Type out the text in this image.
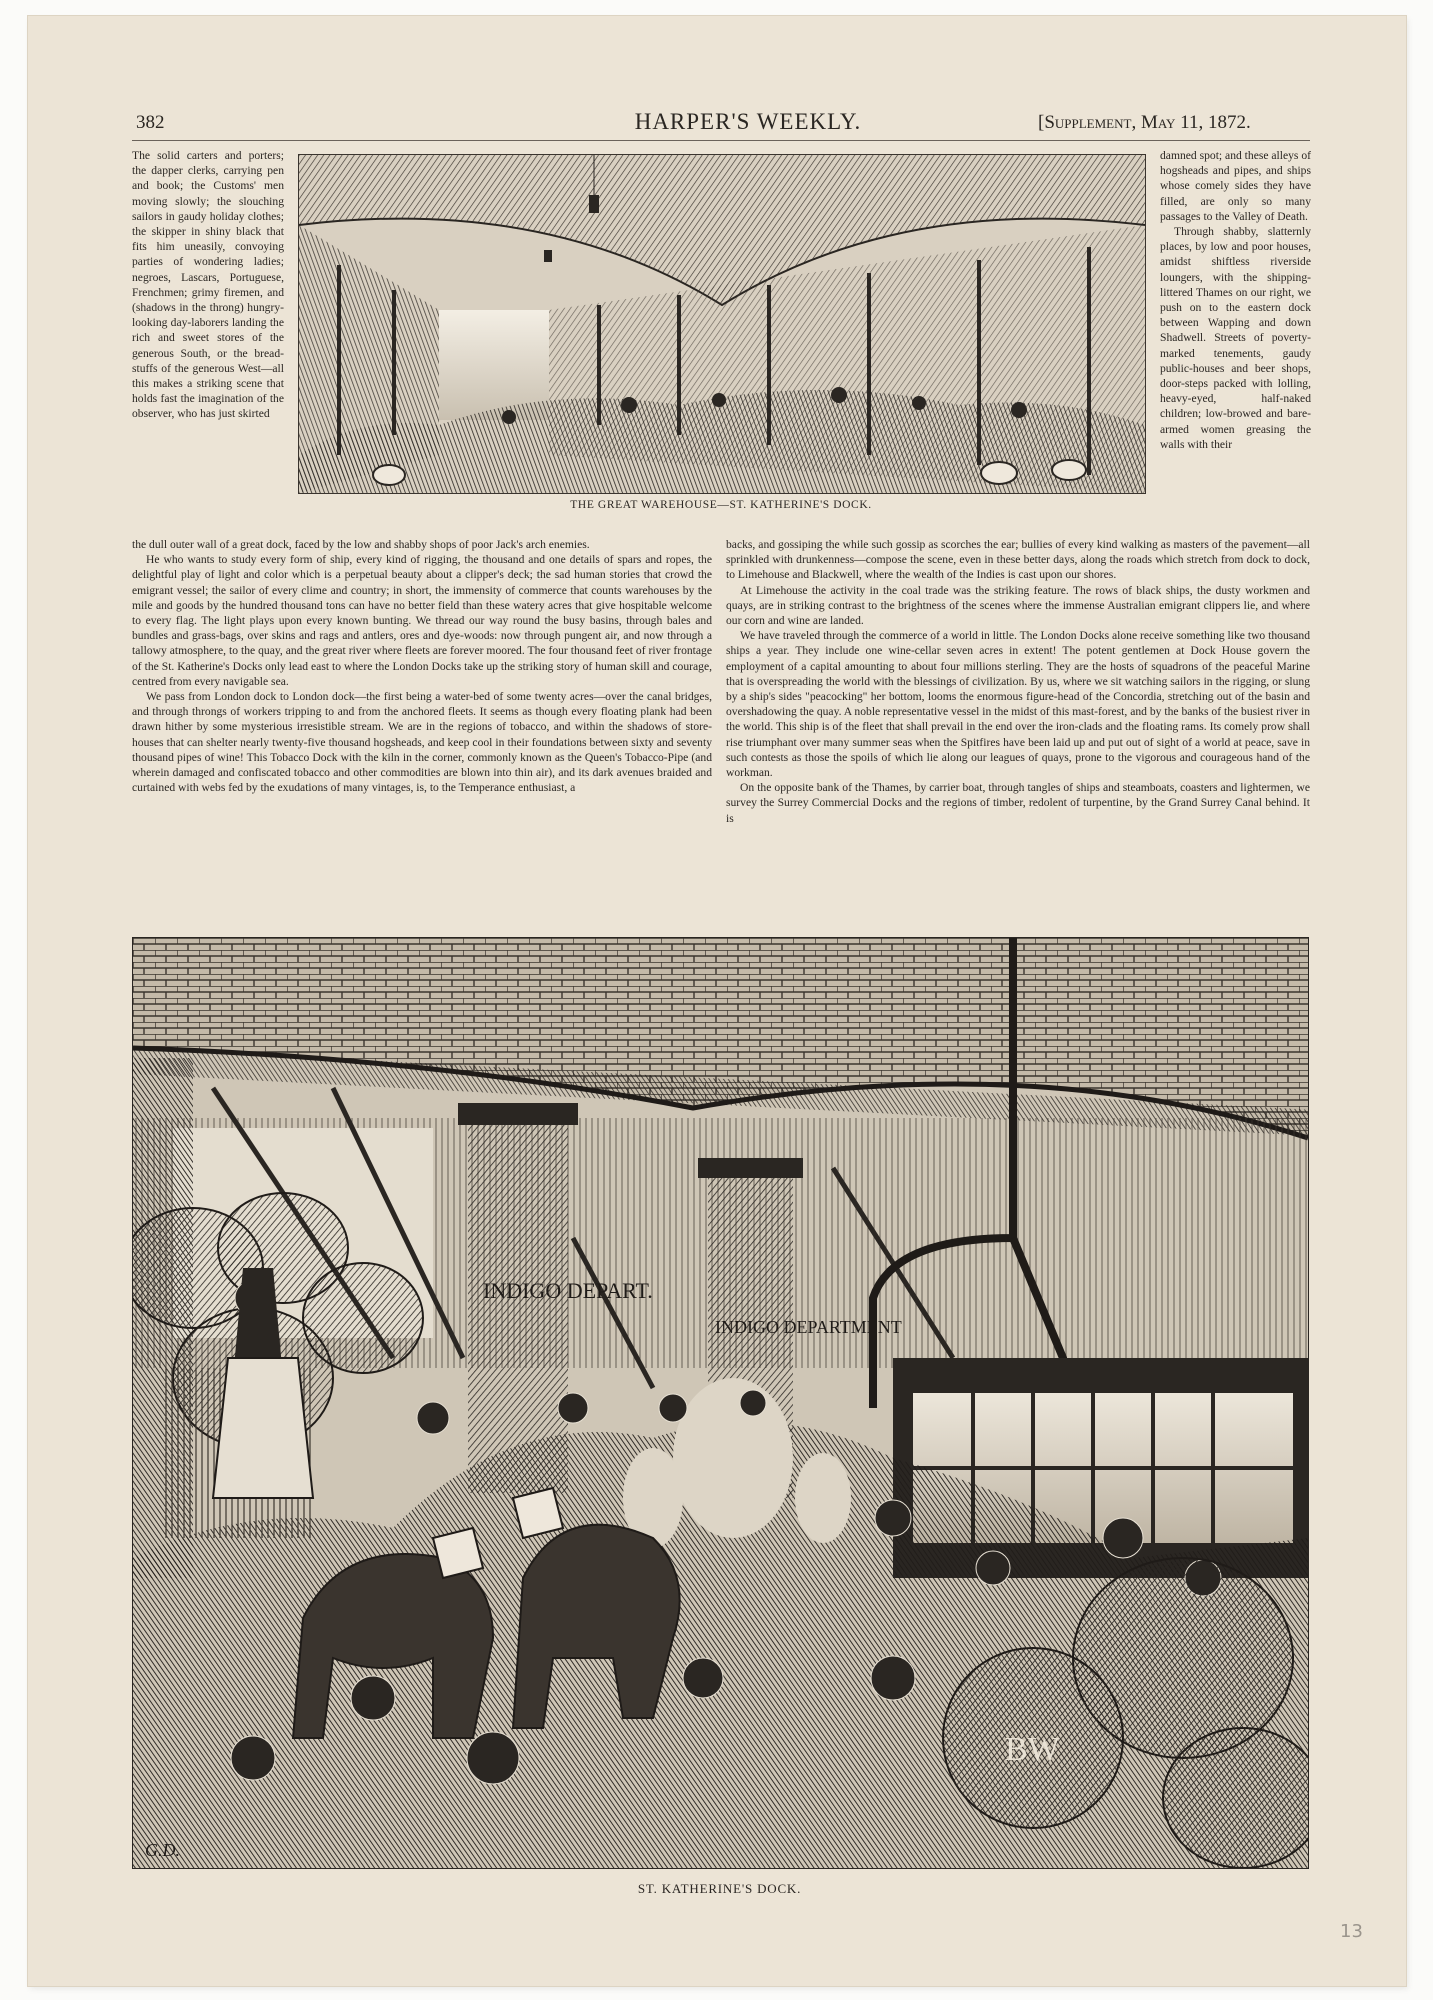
382	HARPER'S WEEKLY.	[Supplement, May 11, 1872.

The solid carters and porters; the dapper clerks, carrying pen and book; the Customs' men moving slowly; the slouching sailors in gaudy holiday clothes; the skipper in shiny black that fits him uneasily, convoying parties of wondering ladies; negroes, Lascars, Portuguese, Frenchmen; grimy firemen, and (shadows in the throng) hungry-looking day-laborers landing the rich and sweet stores of the generous South, or the bread-stuffs of the generous West—all this makes a striking scene that holds fast the imagination of the observer, who has just skirted

THE GREAT WAREHOUSE—ST. KATHERINE'S DOCK.

damned spot; and these alleys of hogsheads and pipes, and ships whose comely sides they have filled, are only so many passages to the Valley of Death.

Through shabby, slatternly places, by low and poor houses, amidst shiftless riverside loungers, with the shipping-littered Thames on our right, we push on to the eastern dock between Wapping and down Shadwell. Streets of poverty-marked tenements, gaudy public-houses and beer shops, door-steps packed with lolling, heavy-eyed, half-naked children; low-browed and bare-armed women greasing the walls with their

the dull outer wall of a great dock, faced by the low and shabby shops of poor Jack's arch enemies.

He who wants to study every form of ship, every kind of rigging, the thousand and one details of spars and ropes, the delightful play of light and color which is a perpetual beauty about a clipper's deck; the sad human stories that crowd the emigrant vessel; the sailor of every clime and country; in short, the immensity of commerce that counts warehouses by the mile and goods by the hundred thousand tons can have no better field than these watery acres that give hospitable welcome to every flag. The light plays upon every known bunting. We thread our way round the busy basins, through bales and bundles and grass-bags, over skins and rags and antlers, ores and dye-woods: now through pungent air, and now through a tallowy atmosphere, to the quay, and the great river where fleets are forever moored. The four thousand feet of river frontage of the St. Katherine's Docks only lead east to where the London Docks take up the striking story of human skill and courage, centred from every navigable sea.

We pass from London dock to London dock—the first being a water-bed of some twenty acres—over the canal bridges, and through throngs of workers tripping to and from the anchored fleets. It seems as though every floating plank had been drawn hither by some mysterious irresistible stream. We are in the regions of tobacco, and within the shadows of store-houses that can shelter nearly twenty-five thousand hogsheads, and keep cool in their foundations between sixty and seventy thousand pipes of wine! This Tobacco Dock with the kiln in the corner, commonly known as the Queen's Tobacco-Pipe (and wherein damaged and confiscated tobacco and other commodities are blown into thin air), and its dark avenues braided and curtained with webs fed by the exudations of many vintages, is, to the Temperance enthusiast, a

backs, and gossiping the while such gossip as scorches the ear; bullies of every kind walking as masters of the pavement—all sprinkled with drunkenness—compose the scene, even in these better days, along the roads which stretch from dock to dock, to Limehouse and Blackwell, where the wealth of the Indies is cast upon our shores.

At Limehouse the activity in the coal trade was the striking feature. The rows of black ships, the dusty workmen and quays, are in striking contrast to the brightness of the scenes where the immense Australian emigrant clippers lie, and where our corn and wine are landed.

We have traveled through the commerce of a world in little. The London Docks alone receive something like two thousand ships a year. They include one wine-cellar seven acres in extent! The potent gentlemen at Dock House govern the employment of a capital amounting to about four millions sterling. They are the hosts of squadrons of the peaceful Marine that is overspreading the world with the blessings of civilization. By us, where we sit watching sailors in the rigging, or slung by a ship's sides "peacocking" her bottom, looms the enormous figure-head of the Concordia, stretching out of the basin and overshadowing the quay. A noble representative vessel in the midst of this mast-forest, and by the banks of the busiest river in the world. This ship is of the fleet that shall prevail in the end over the iron-clads and the floating rams. Its comely prow shall rise triumphant over many summer seas when the Spitfires have been laid up and put out of sight of a world at peace, save in such contests as those the spoils of which lie along our leagues of quays, prone to the vigorous and courageous hand of the workman.

On the opposite bank of the Thames, by carrier boat, through tangles of ships and steamboats, coasters and lightermen, we survey the Surrey Commercial Docks and the regions of timber, redolent of turpentine, by the Grand Surrey Canal behind. It is

INDIGO DEPART.
INDIGO DEPARTMENT
BW
G.D.
ST. KATHERINE'S DOCK.
13
